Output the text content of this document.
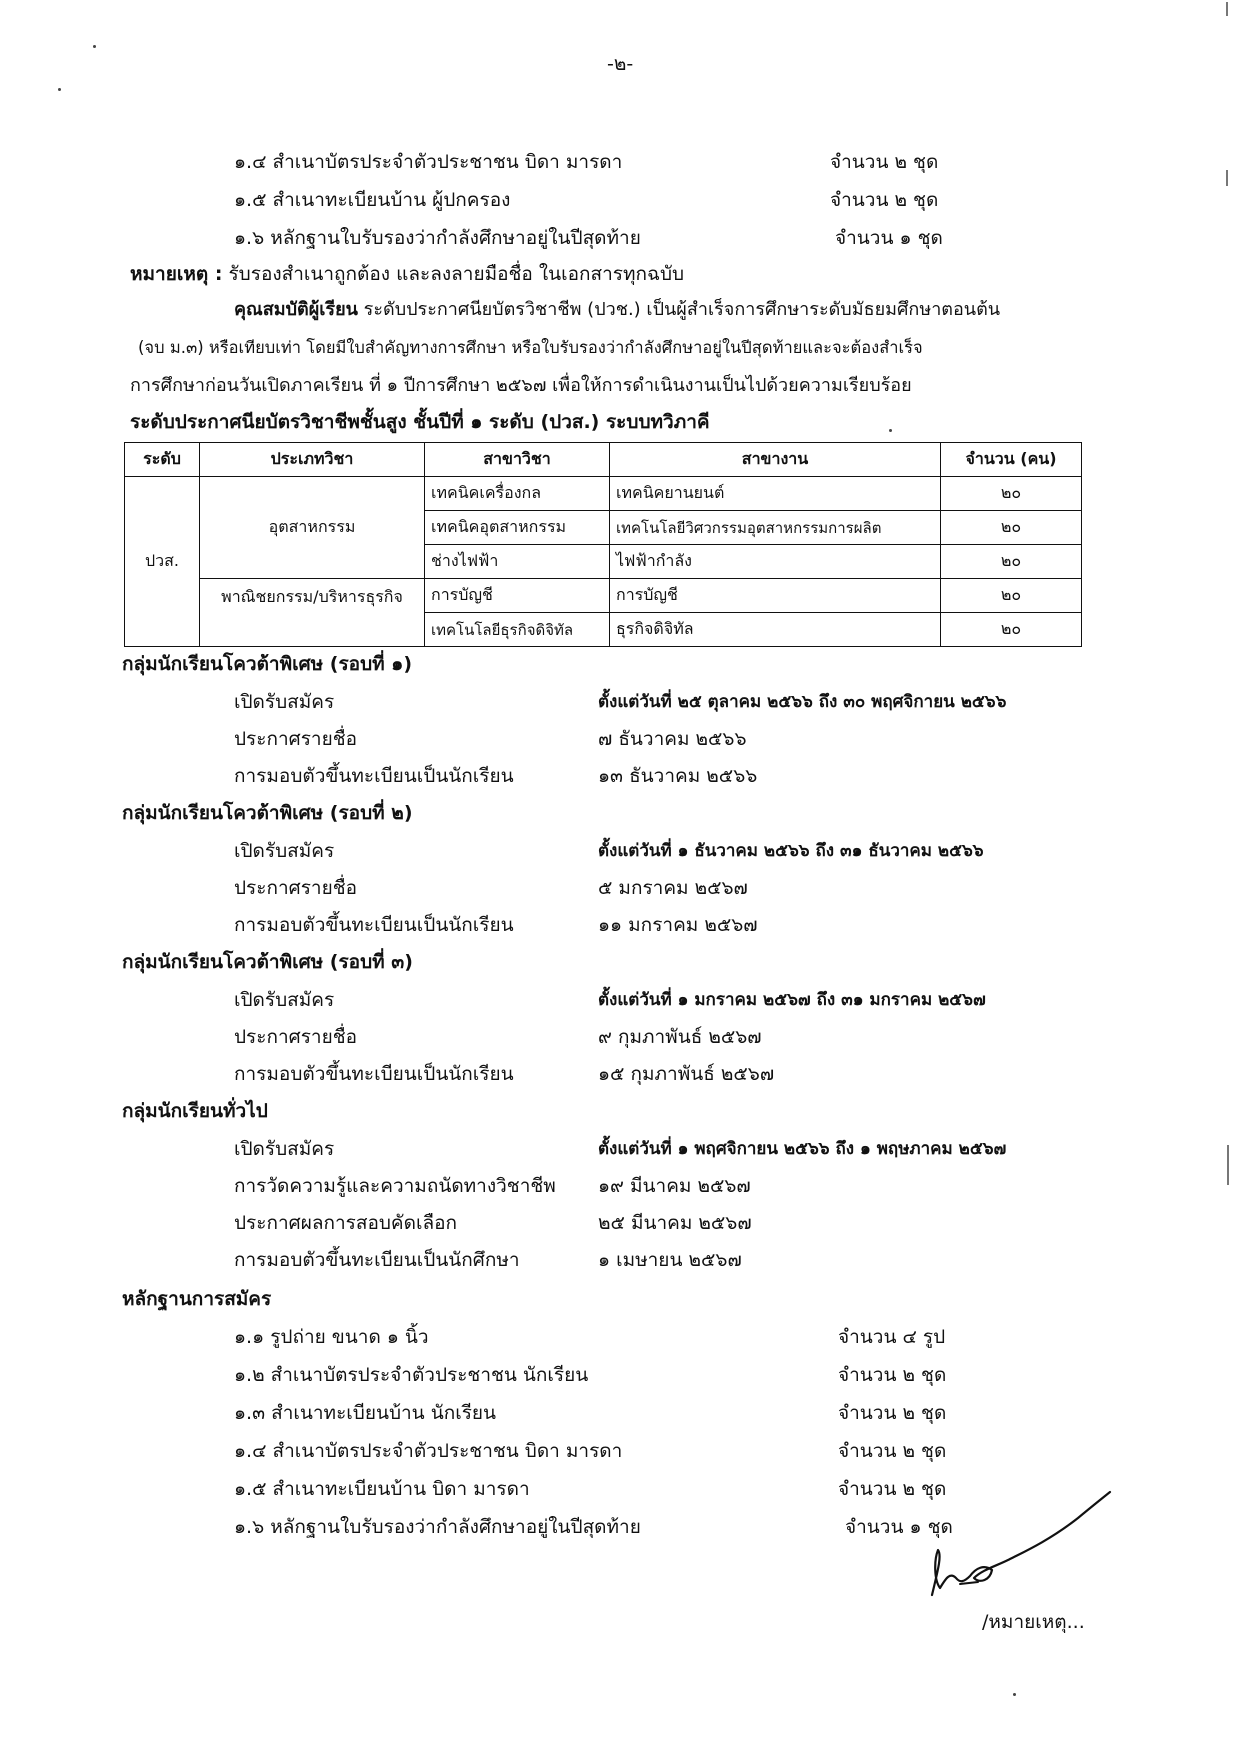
-๒-
๑.๔ สำเนาบัตรประจำตัวประชาชน บิดา มารดา	จำนวน ๒ ชุด
๑.๕ สำเนาทะเบียนบ้าน ผู้ปกครอง	จำนวน ๒ ชุด
๑.๖ หลักฐานใบรับรองว่ากำลังศึกษาอยู่ในปีสุดท้าย	จำนวน ๑ ชุด
หมายเหตุ : รับรองสำเนาถูกต้อง และลงลายมือชื่อ ในเอกสารทุกฉบับ
คุณสมบัติผู้เรียน ระดับประกาศนียบัตรวิชาชีพ (ปวช.) เป็นผู้สำเร็จการศึกษาระดับมัธยมศึกษาตอนต้น
(จบ ม.๓) หรือเทียบเท่า โดยมีใบสำคัญทางการศึกษา หรือใบรับรองว่ากำลังศึกษาอยู่ในปีสุดท้ายและจะต้องสำเร็จ
การศึกษาก่อนวันเปิดภาคเรียน ที่ ๑ ปีการศึกษา ๒๕๖๗ เพื่อให้การดำเนินงานเป็นไปด้วยความเรียบร้อย
ระดับประกาศนียบัตรวิชาชีพชั้นสูง ชั้นปีที่ ๑ ระดับ (ปวส.) ระบบทวิภาคี
ระดับ	ประเภทวิชา	สาขาวิชา	สาขางาน	จำนวน (คน)
ปวส.	อุตสาหกรรม	เทคนิคเครื่องกล	เทคนิคยานยนต์	๒๐
		เทคนิคอุตสาหกรรม	เทคโนโลยีวิศวกรรมอุตสาหกรรมการผลิต	๒๐
		ช่างไฟฟ้า	ไฟฟ้ากำลัง	๒๐
	พาณิชยกรรม/บริหารธุรกิจ	การบัญชี	การบัญชี	๒๐
		เทคโนโลยีธุรกิจดิจิทัล	ธุรกิจดิจิทัล	๒๐
กลุ่มนักเรียนโควต้าพิเศษ (รอบที่ ๑)
เปิดรับสมัคร	ตั้งแต่วันที่ ๒๕ ตุลาคม ๒๕๖๖ ถึง ๓๐ พฤศจิกายน ๒๕๖๖
ประกาศรายชื่อ	๗ ธันวาคม ๒๕๖๖
การมอบตัวขึ้นทะเบียนเป็นนักเรียน	๑๓ ธันวาคม ๒๕๖๖
กลุ่มนักเรียนโควต้าพิเศษ (รอบที่ ๒)
เปิดรับสมัคร	ตั้งแต่วันที่ ๑ ธันวาคม ๒๕๖๖ ถึง ๓๑ ธันวาคม ๒๕๖๖
ประกาศรายชื่อ	๕ มกราคม ๒๕๖๗
การมอบตัวขึ้นทะเบียนเป็นนักเรียน	๑๑ มกราคม ๒๕๖๗
กลุ่มนักเรียนโควต้าพิเศษ (รอบที่ ๓)
เปิดรับสมัคร	ตั้งแต่วันที่ ๑ มกราคม ๒๕๖๗ ถึง ๓๑ มกราคม ๒๕๖๗
ประกาศรายชื่อ	๙ กุมภาพันธ์ ๒๕๖๗
การมอบตัวขึ้นทะเบียนเป็นนักเรียน	๑๕ กุมภาพันธ์ ๒๕๖๗
กลุ่มนักเรียนทั่วไป
เปิดรับสมัคร	ตั้งแต่วันที่ ๑ พฤศจิกายน ๒๕๖๖ ถึง ๑ พฤษภาคม ๒๕๖๗
การวัดความรู้และความถนัดทางวิชาชีพ ๑๙ มีนาคม ๒๕๖๗
ประกาศผลการสอบคัดเลือก	๒๕ มีนาคม ๒๕๖๗
การมอบตัวขึ้นทะเบียนเป็นนักศึกษา	๑ เมษายน ๒๕๖๗
หลักฐานการสมัคร
๑.๑ รูปถ่าย ขนาด ๑ นิ้ว	จำนวน ๔ รูป
๑.๒ สำเนาบัตรประจำตัวประชาชน นักเรียน	จำนวน ๒ ชุด
๑.๓ สำเนาทะเบียนบ้าน นักเรียน	จำนวน ๒ ชุด
๑.๔ สำเนาบัตรประจำตัวประชาชน บิดา มารดา	จำนวน ๒ ชุด
๑.๕ สำเนาทะเบียนบ้าน บิดา มารดา	จำนวน ๒ ชุด
๑.๖ หลักฐานใบรับรองว่ากำลังศึกษาอยู่ในปีสุดท้าย	จำนวน ๑ ชุด
/หมายเหตุ...
